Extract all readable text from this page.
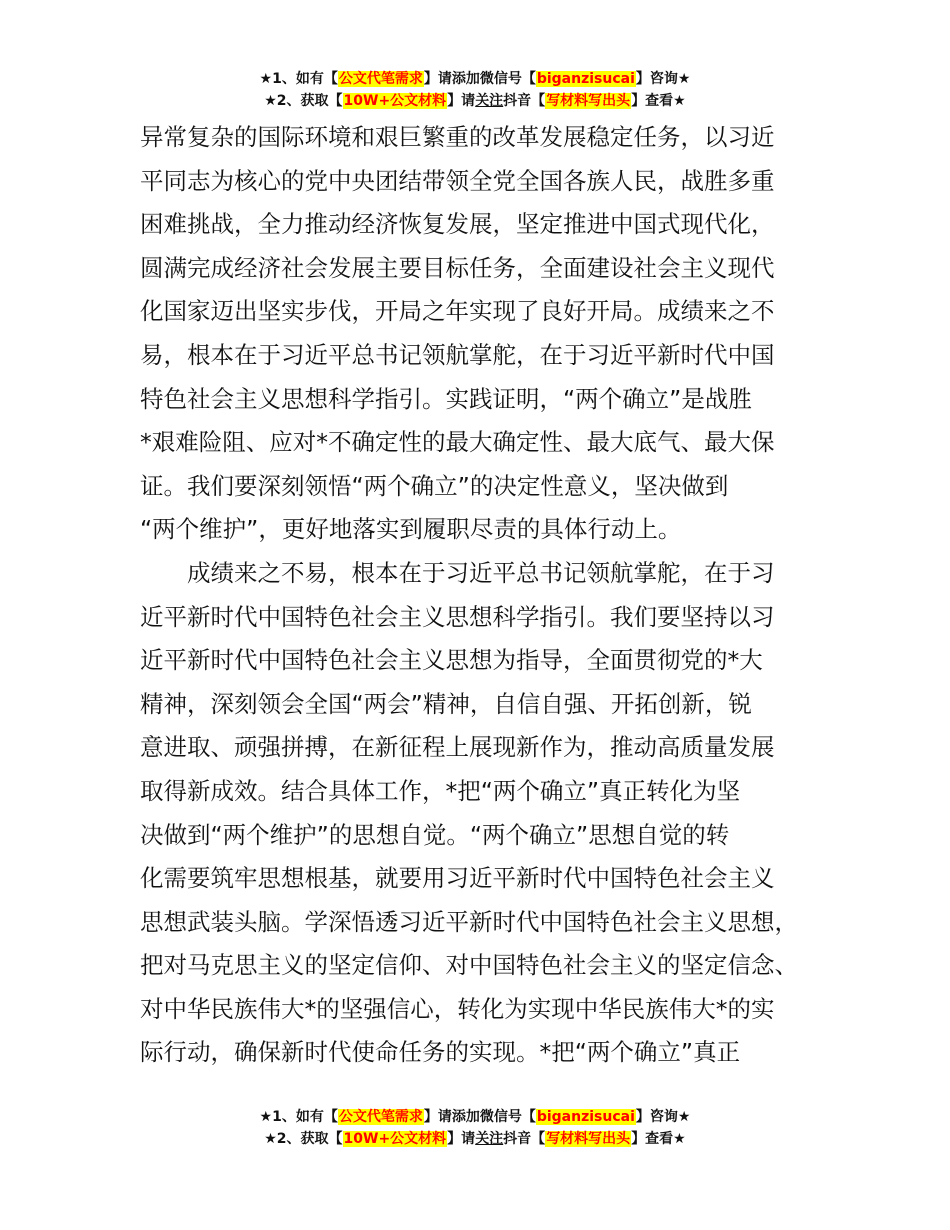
★1、如有【公文代笔需求】请添加微信号【biganzisucai】咨询★
★2、获取【10W+公文材料】请关注抖音【写材料写出头】查看★
异常复杂的国际环境和艰巨繁重的改革发展稳定任务，以习近
平同志为核心的党中央团结带领全党全国各族人民，战胜多重
困难挑战，全力推动经济恢复发展，坚定推进中国式现代化，
圆满完成经济社会发展主要目标任务，全面建设社会主义现代
化国家迈出坚实步伐，开局之年实现了良好开局。成绩来之不
易，根本在于习近平总书记领航掌舵，在于习近平新时代中国
特色社会主义思想科学指引。实践证明，“两个确立”是战胜
*艰难险阻、应对*不确定性的最大确定性、最大底气、最大保
证。我们要深刻领悟“两个确立”的决定性意义，坚决做到
“两个维护”，更好地落实到履职尽责的具体行动上。
　　成绩来之不易，根本在于习近平总书记领航掌舵，在于习
近平新时代中国特色社会主义思想科学指引。我们要坚持以习
近平新时代中国特色社会主义思想为指导，全面贯彻党的*大
精神，深刻领会全国“两会”精神，自信自强、开拓创新，锐
意进取、顽强拼搏，在新征程上展现新作为，推动高质量发展
取得新成效。结合具体工作，*把“两个确立”真正转化为坚
决做到“两个维护”的思想自觉。“两个确立”思想自觉的转
化需要筑牢思想根基，就要用习近平新时代中国特色社会主义
思想武装头脑。学深悟透习近平新时代中国特色社会主义思想，
把对马克思主义的坚定信仰、对中国特色社会主义的坚定信念、
对中华民族伟大*的坚强信心，转化为实现中华民族伟大*的实
际行动，确保新时代使命任务的实现。*把“两个确立”真正
★1、如有【公文代笔需求】请添加微信号【biganzisucai】咨询★
★2、获取【10W+公文材料】请关注抖音【写材料写出头】查看★
